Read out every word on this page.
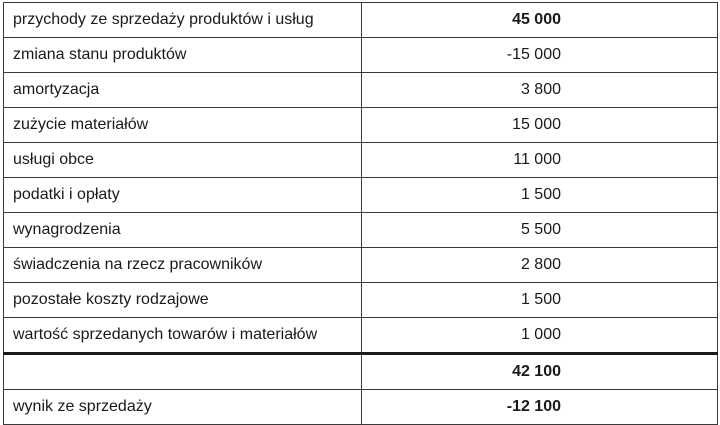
przychody ze sprzedaży produktów i usług	45 000
zmiana stanu produktów	-15 000
amortyzacja	3 800
zużycie materiałów	15 000
usługi obce	11 000
podatki i opłaty	1 500
wynagrodzenia	5 500
świadczenia na rzecz pracowników	2 800
pozostałe koszty rodzajowe	1 500
wartość sprzedanych towarów i materiałów	1 000
	42 100
wynik ze sprzedaży	-12 100
